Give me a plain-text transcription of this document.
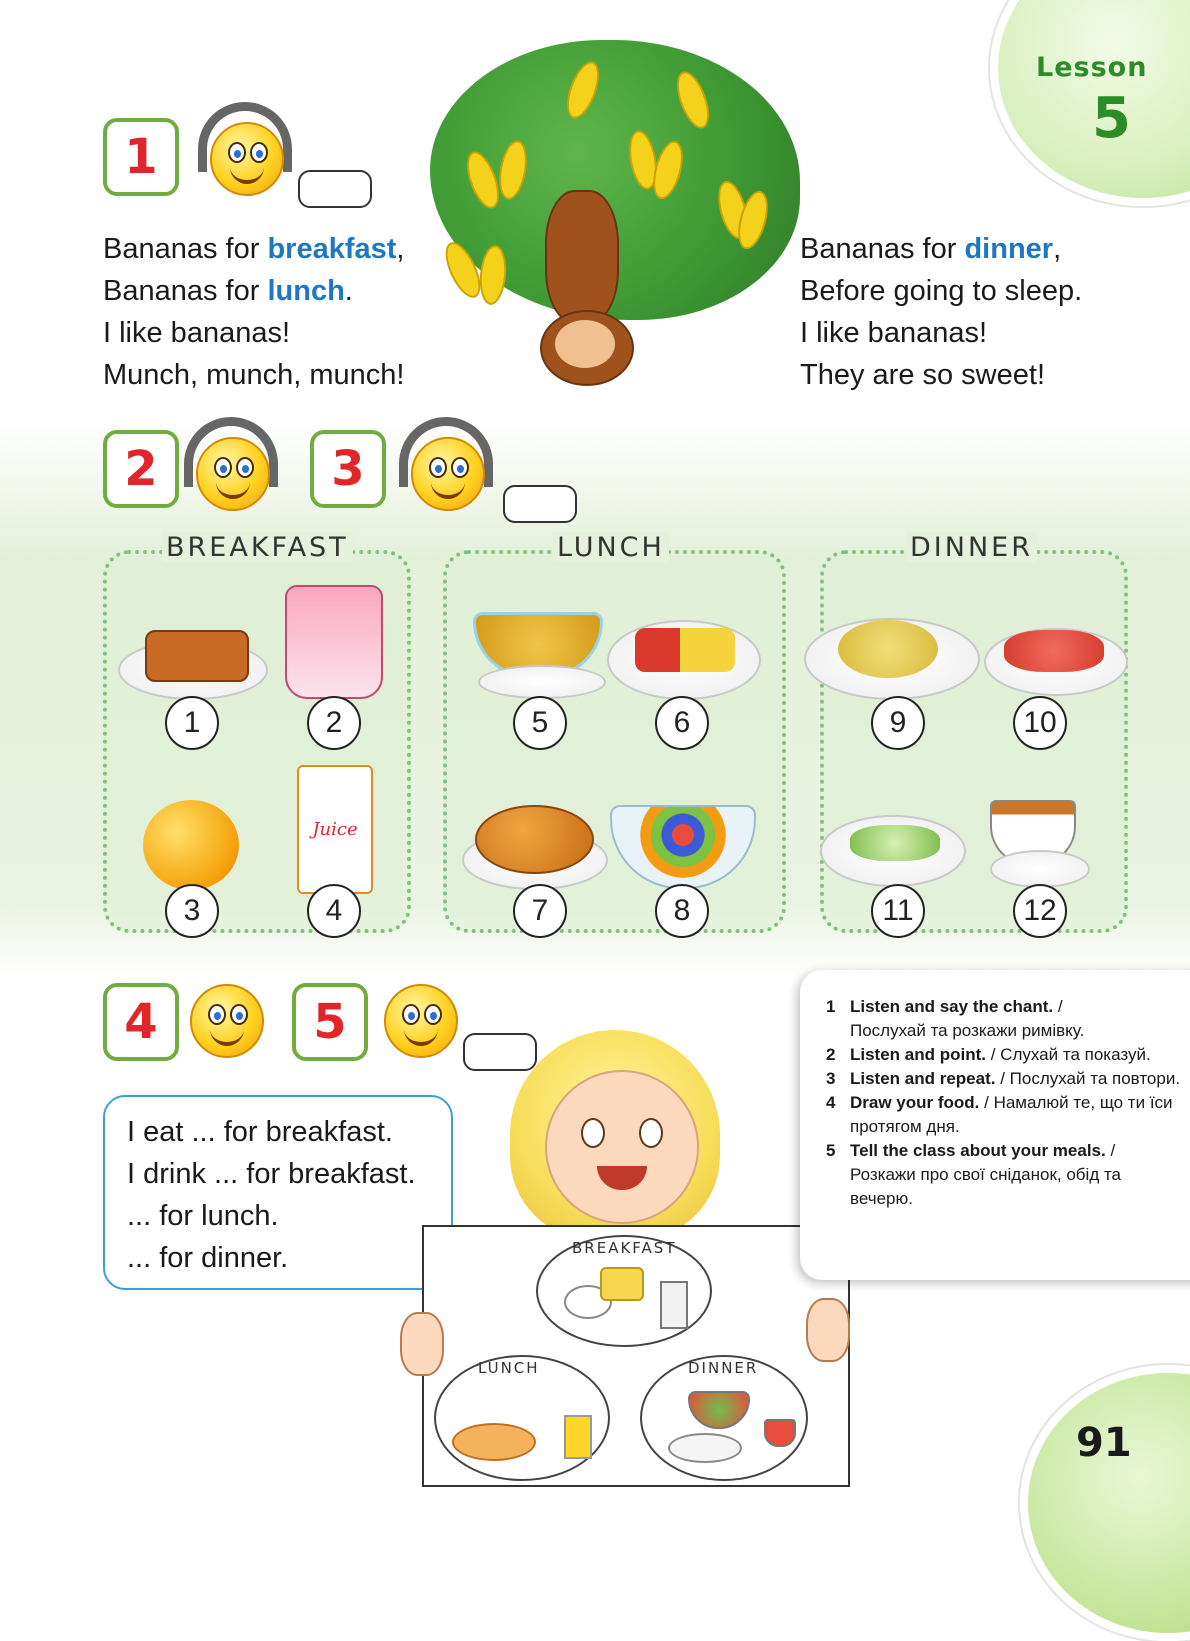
Lesson
5
1
Bananas for breakfast,
Bananas for lunch.
I like bananas!
Munch, munch, munch!
Bananas for dinner,
Before going to sleep.
I like bananas!
They are so sweet!
2	3
BREAKFAST
1	2
Juice
3	4
LUNCH
5	6
7	8
DINNER
9	10
11	12
4	5
I eat ... for breakfast.
I drink ... for breakfast.
... for lunch.
... for dinner.	BREAKFAST
LUNCH	DINNER
1 Listen and say the chant. /
Послухай та розкажи римівку.
2 Listen and point. / Слухай та показуй.
3 Listen and repeat. / Послухай та повтори.
4 Draw your food. / Намалюй те, що ти їси протягом дня.
5 Tell the class about your meals. /
Розкажи про свої сніданок, обід та вечерю.
91
